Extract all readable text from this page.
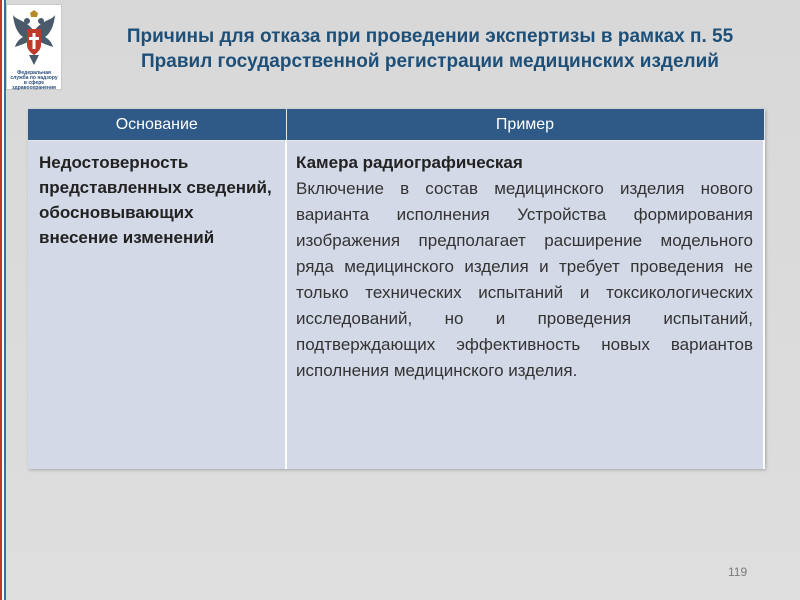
Федеральная служба по надзору в сфере здравоохранения
Причины для отказа при проведении экспертизы в рамках п. 55
Правил государственной регистрации медицинских изделий
Основание	Пример

Недостоверность представленных сведений, обосновывающих внесение изменений	Камера радиографическая
Включение в состав медицинского изделия нового варианта исполнения Устройства формирования изображения предполагает расширение модельного ряда медицинского изделия и требует проведения не только технических испытаний и токсикологических исследований, но и проведения испытаний, подтверждающих эффективность новых вариантов исполнения медицинского изделия.
119
